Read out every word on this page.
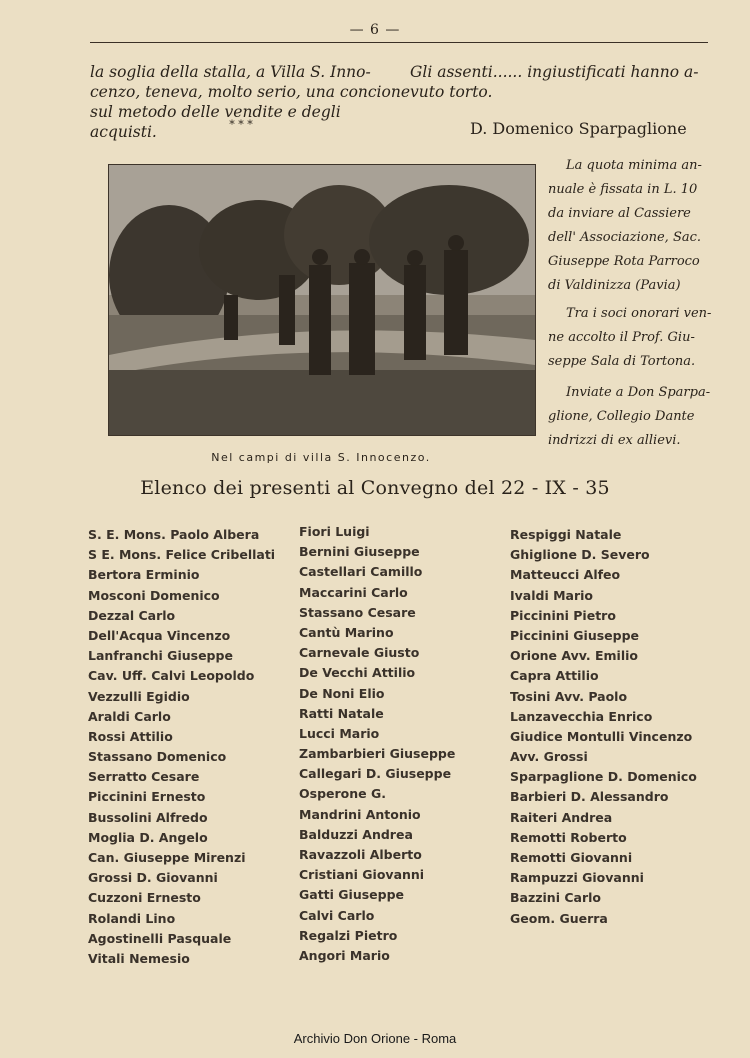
— 6 —
la soglia della stalla, a Villa S. Inno-
cenzo, teneva, molto serio, una concione
sul metodo delle vendite e degli acquisti.
Gli assenti...... ingiustificati hanno a-
vuto torto.
* * *	D. Domenico Sparpaglione
Nel campi di villa S. Innocenzo.

La quota minima an-
nuale è fissata in L. 10
da inviare al Cassiere
dell' Associazione, Sac.
Giuseppe Rota Parroco
di Valdinizza (Pavia)

Tra i soci onorari ven-
ne accolto il Prof. Giu-
seppe Sala di Tortona.

Inviate a Don Sparpa-
glione, Collegio Dante
indrizzi di ex allievi.

Elenco dei presenti al Convegno del 22 - IX - 35
S. E. Mons. Paolo Albera
S E. Mons. Felice Cribellati
Bertora Erminio
Mosconi Domenico
Dezzal Carlo
Dell'Acqua Vincenzo
Lanfranchi Giuseppe
Cav. Uff. Calvi Leopoldo
Vezzulli Egidio
Araldi Carlo
Rossi Attilio
Stassano Domenico
Serratto Cesare
Piccinini Ernesto
Bussolini Alfredo
Moglia D. Angelo
Can. Giuseppe Mirenzi
Grossi D. Giovanni
Cuzzoni Ernesto
Rolandi Lino
Agostinelli Pasquale
Vitali Nemesio
Fiori Luigi
Bernini Giuseppe
Castellari Camillo
Maccarini Carlo
Stassano Cesare
Cantù Marino
Carnevale Giusto
De Vecchi Attilio
De Noni Elio
Ratti Natale
Lucci Mario
Zambarbieri Giuseppe
Callegari D. Giuseppe
Osperone G.
Mandrini Antonio
Balduzzi Andrea
Ravazzoli Alberto
Cristiani Giovanni
Gatti Giuseppe
Calvi Carlo
Regalzi Pietro
Angori Mario
Respiggi Natale
Ghiglione D. Severo
Matteucci Alfeo
Ivaldi Mario
Piccinini Pietro
Piccinini Giuseppe
Orione Avv. Emilio
Capra Attilio
Tosini Avv. Paolo
Lanzavecchia Enrico
Giudice Montulli Vincenzo
Avv. Grossi
Sparpaglione D. Domenico
Barbieri D. Alessandro
Raiteri Andrea
Remotti Roberto
Remotti Giovanni
Rampuzzi Giovanni
Bazzini Carlo
Geom. Guerra
Archivio Don Orione - Roma
